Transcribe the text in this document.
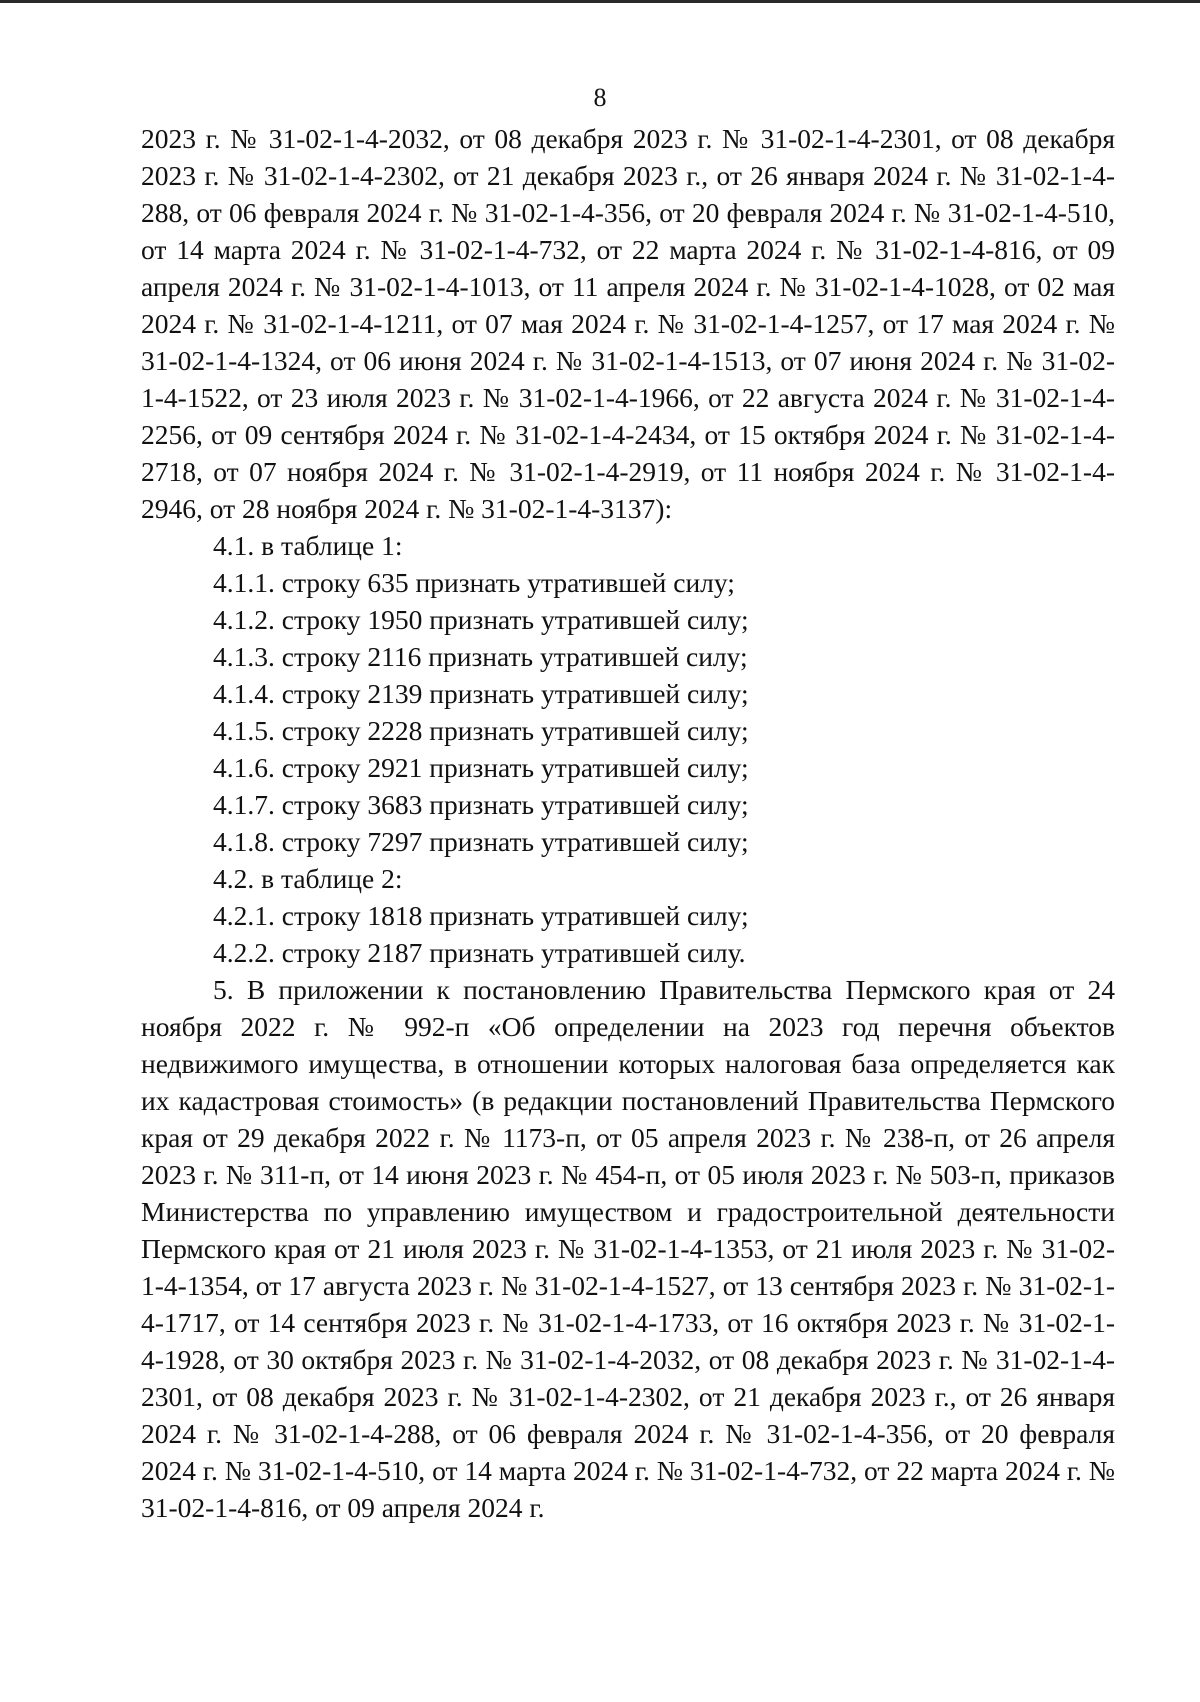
8

2023 г. № 31-02-1-4-2032, от 08 декабря 2023 г. № 31-02-1-4-2301, от 08 декабря 2023 г. № 31-02-1-4-2302, от 21 декабря 2023 г., от 26 января 2024 г. № 31-02-1-4-288, от 06 февраля 2024 г. № 31-02-1-4-356, от 20 февраля 2024 г. № 31-02-1-4-510, от 14 марта 2024 г. № 31-02-1-4-732, от 22 марта 2024 г. № 31-02-1-4-816, от 09 апреля 2024 г. № 31-02-1-4-1013, от 11 апреля 2024 г. № 31-02-1-4-1028, от 02 мая 2024 г. № 31-02-1-4-1211, от 07 мая 2024 г. № 31-02-1-4-1257, от 17 мая 2024 г. № 31-02-1-4-1324, от 06 июня 2024 г. № 31-02-1-4-1513, от 07 июня 2024 г. № 31-02-1-4-1522, от 23 июля 2023 г. № 31-02-1-4-1966, от 22 августа 2024 г. № 31-02-1-4-2256, от 09 сентября 2024 г. № 31-02-1-4-2434, от 15 октября 2024 г. № 31-02-1-4-2718, от 07 ноября 2024 г. № 31-02-1-4-2919, от 11 ноября 2024 г. № 31-02-1-4-2946, от 28 ноября 2024 г. № 31-02-1-4-3137):

4.1. в таблице 1:

4.1.1. строку 635 признать утратившей силу;

4.1.2. строку 1950 признать утратившей силу;

4.1.3. строку 2116 признать утратившей силу;

4.1.4. строку 2139 признать утратившей силу;

4.1.5. строку 2228 признать утратившей силу;

4.1.6. строку 2921 признать утратившей силу;

4.1.7. строку 3683 признать утратившей силу;

4.1.8. строку 7297 признать утратившей силу;

4.2. в таблице 2:

4.2.1. строку 1818 признать утратившей силу;

4.2.2. строку 2187 признать утратившей силу.

5. В приложении к постановлению Правительства Пермского края от 24 ноября 2022 г. № 992-п «Об определении на 2023 год перечня объектов недвижимого имущества, в отношении которых налоговая база определяется как их кадастровая стоимость» (в редакции постановлений Правительства Пермского края от 29 декабря 2022 г. № 1173-п, от 05 апреля 2023 г. № 238-п, от 26 апреля 2023 г. № 311-п, от 14 июня 2023 г. № 454-п, от 05 июля 2023 г. № 503-п, приказов Министерства по управлению имуществом и градостроительной деятельности Пермского края от 21 июля 2023 г. № 31-02-1-4-1353, от 21 июля 2023 г. № 31-02-1-4-1354, от 17 августа 2023 г. № 31-02-1-4-1527, от 13 сентября 2023 г. № 31-02-1-4-1717, от 14 сентября 2023 г. № 31-02-1-4-1733, от 16 октября 2023 г. № 31-02-1-4-1928, от 30 октября 2023 г. № 31-02-1-4-2032, от 08 декабря 2023 г. № 31-02-1-4-2301, от 08 декабря 2023 г. № 31-02-1-4-2302, от 21 декабря 2023 г., от 26 января 2024 г. № 31-02-1-4-288, от 06 февраля 2024 г. № 31-02-1-4-356, от 20 февраля 2024 г. № 31-02-1-4-510, от 14 марта 2024 г. № 31-02-1-4-732, от 22 марта 2024 г. № 31-02-1-4-816, от 09 апреля 2024 г.
